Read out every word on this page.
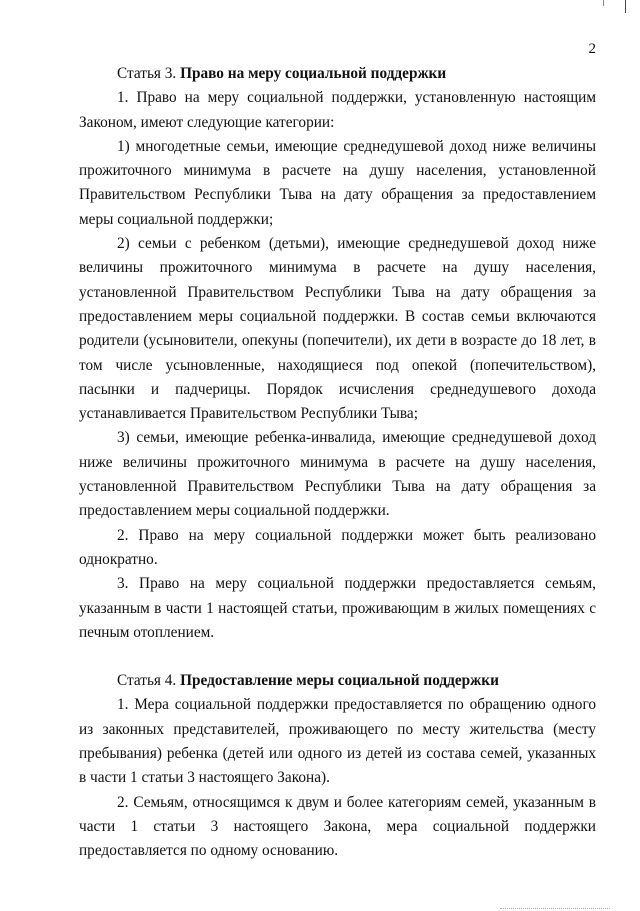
2

Статья 3. Право на меру социальной поддержки

1. Право на меру социальной поддержки, установленную настоящим Законом, имеют следующие категории:

1) многодетные семьи, имеющие среднедушевой доход ниже величины прожиточного минимума в расчете на душу населения, установленной Правительством Республики Тыва на дату обращения за предоставлением меры социальной поддержки;

2) семьи с ребенком (детьми), имеющие среднедушевой доход ниже величины прожиточного минимума в расчете на душу населения, установленной Правительством Республики Тыва на дату обращения за предоставлением меры социальной поддержки. В состав семьи включаются родители (усыновители, опекуны (попечители), их дети в возрасте до 18 лет, в том числе усыновленные, находящиеся под опекой (попечительством), пасынки и падчерицы. Порядок исчисления среднедушевого дохода устанавливается Правительством Республики Тыва;

3) семьи, имеющие ребенка-инвалида, имеющие среднедушевой доход ниже величины прожиточного минимума в расчете на душу населения, установленной Правительством Республики Тыва на дату обращения за предоставлением меры социальной поддержки.

2. Право на меру социальной поддержки может быть реализовано однократно.

3. Право на меру социальной поддержки предоставляется семьям, указанным в части 1 настоящей статьи, проживающим в жилых помещениях с печным отоплением.

Статья 4. Предоставление меры социальной поддержки

1. Мера социальной поддержки предоставляется по обращению одного из законных представителей, проживающего по месту жительства (месту пребывания) ребенка (детей или одного из детей из состава семей, указанных в части 1 статьи 3 настоящего Закона).

2. Семьям, относящимся к двум и более категориям семей, указанным в части 1 статьи 3 настоящего Закона, мера социальной поддержки предоставляется по одному основанию.
